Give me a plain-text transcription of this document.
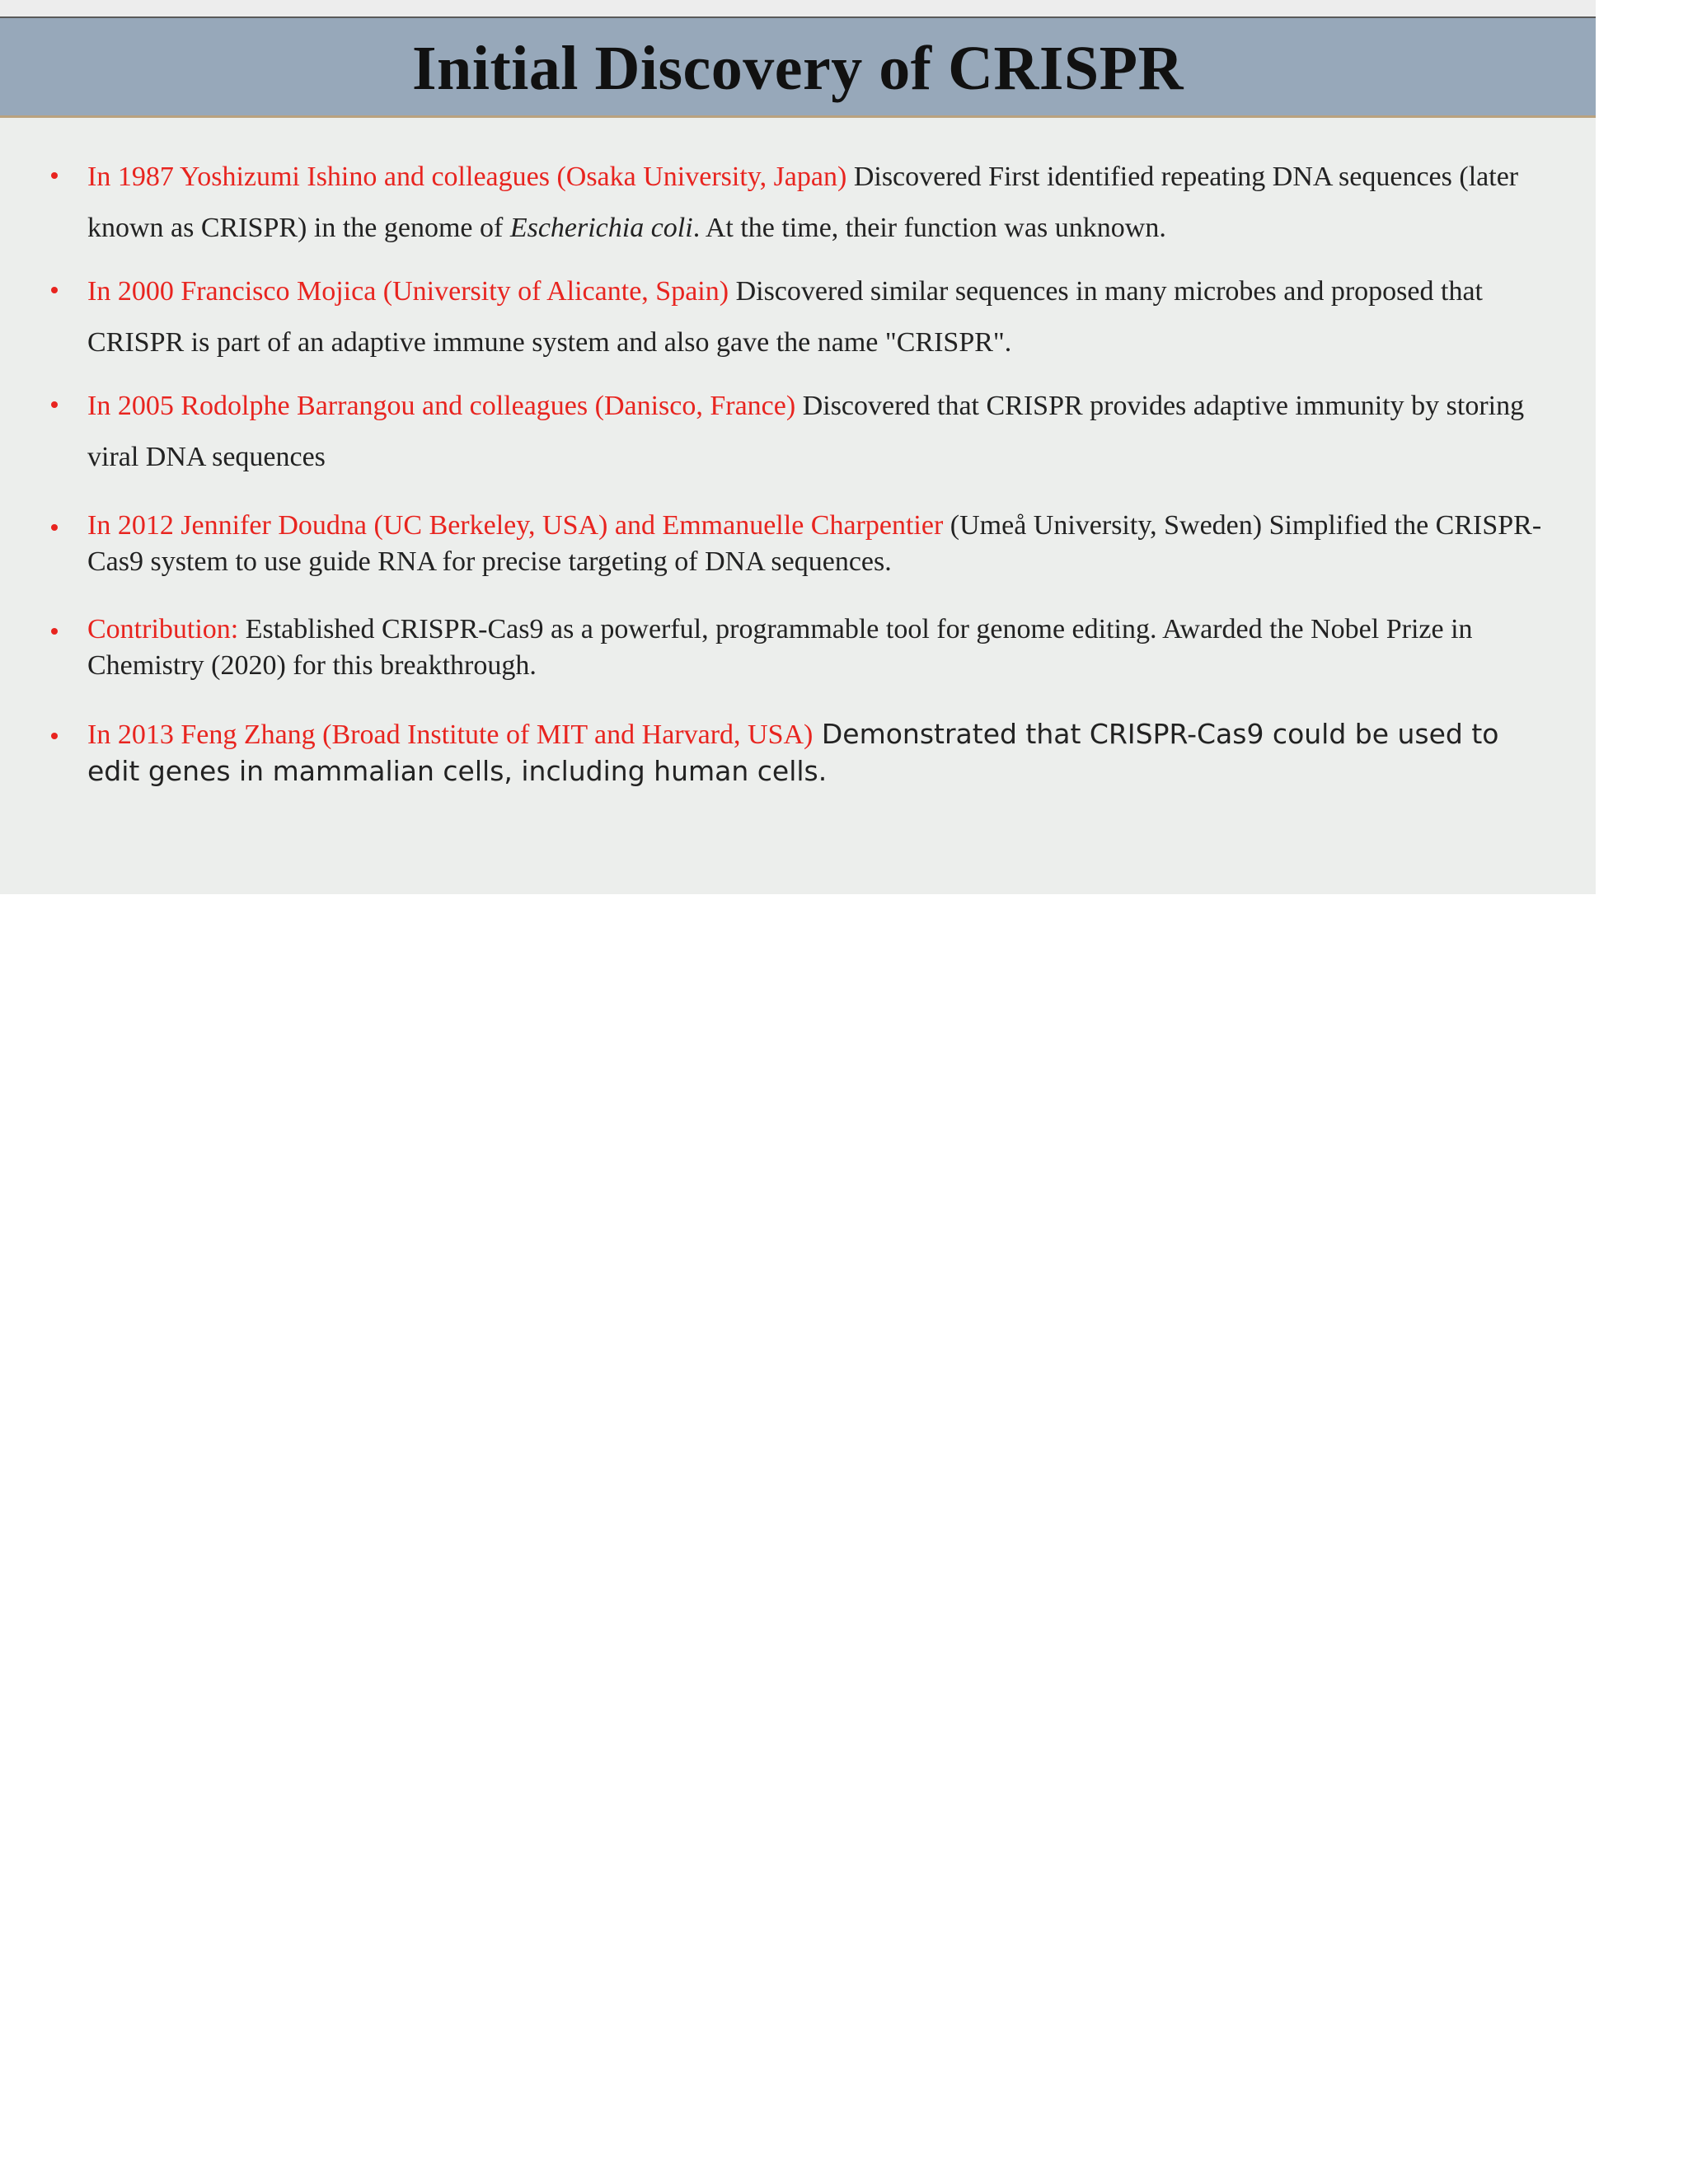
Initial Discovery of CRISPR
In 1987 Yoshizumi Ishino and colleagues (Osaka University, Japan) Discovered First identified repeating DNA sequences (later known as CRISPR) in the genome of Escherichia coli. At the time, their function was unknown.
In 2000 Francisco Mojica (University of Alicante, Spain) Discovered similar sequences in many microbes and proposed that CRISPR is part of an adaptive immune system and also gave the name "CRISPR".
In 2005 Rodolphe Barrangou and colleagues (Danisco, France) Discovered that CRISPR provides adaptive immunity by storing viral DNA sequences
In 2012 Jennifer Doudna (UC Berkeley, USA) and Emmanuelle Charpentier (Umeå University, Sweden) Simplified the CRISPR-Cas9 system to use guide RNA for precise targeting of DNA sequences.
Contribution: Established CRISPR-Cas9 as a powerful, programmable tool for genome editing. Awarded the Nobel Prize in Chemistry (2020) for this breakthrough.
In 2013 Feng Zhang (Broad Institute of MIT and Harvard, USA) Demonstrated that CRISPR-Cas9 could be used to edit genes in mammalian cells, including human cells.
